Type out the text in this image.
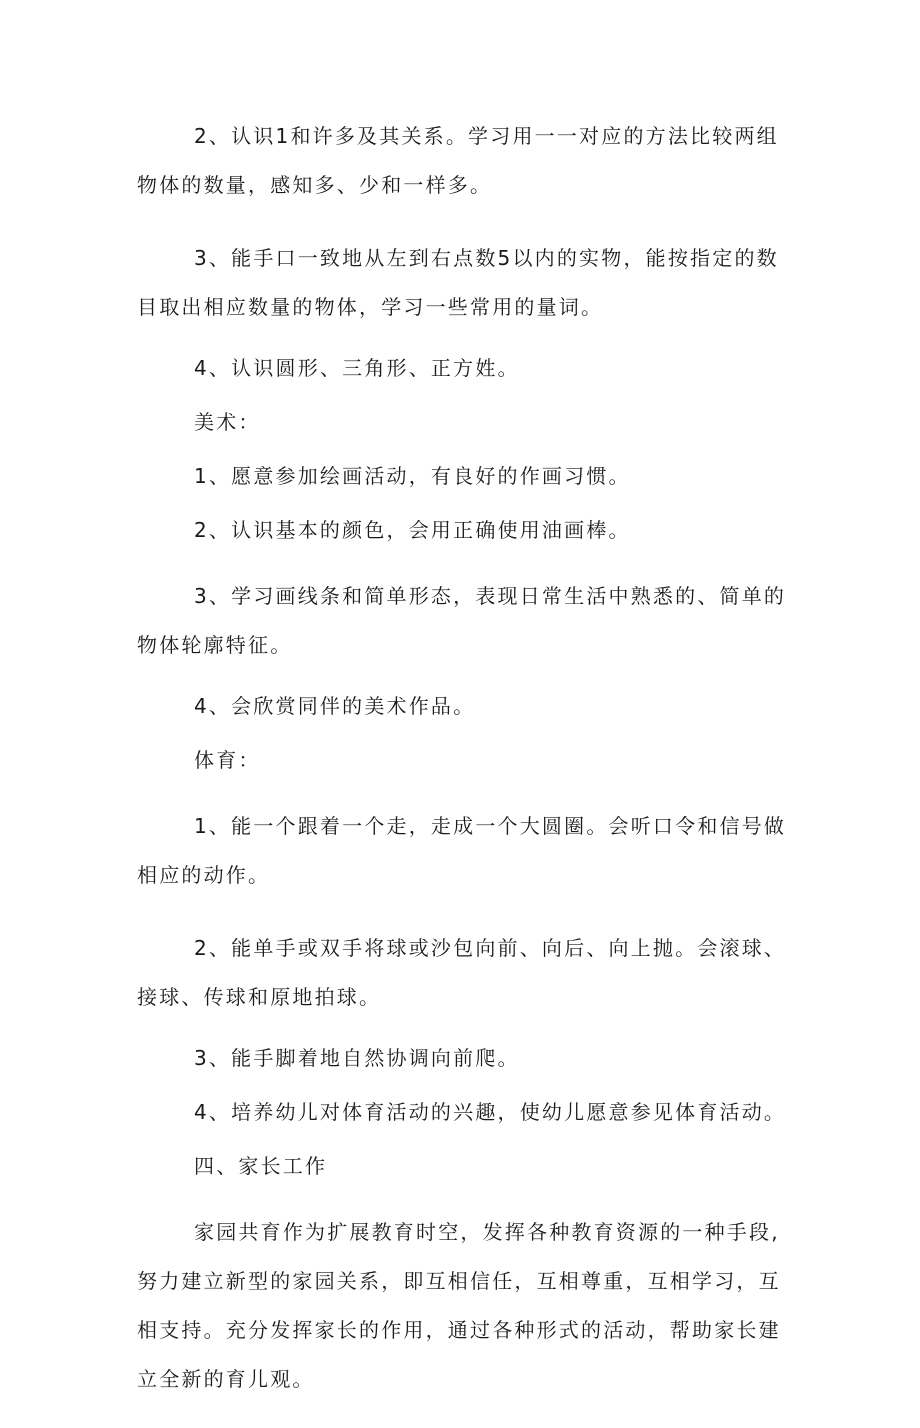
2、认识1和许多及其关系。学习用一一对应的方法比较两组物体的数量，感知多、少和一样多。

3、能手口一致地从左到右点数5以内的实物，能按指定的数目取出相应数量的物体，学习一些常用的量词。

4、认识圆形、三角形、正方姓。

美术：

1、愿意参加绘画活动，有良好的作画习惯。

2、认识基本的颜色，会用正确使用油画棒。

3、学习画线条和简单形态，表现日常生活中熟悉的、简单的物体轮廓特征。

4、会欣赏同伴的美术作品。

体育：

1、能一个跟着一个走，走成一个大圆圈。会听口令和信号做相应的动作。

2、能单手或双手将球或沙包向前、向后、向上抛。会滚球、接球、传球和原地拍球。

3、能手脚着地自然协调向前爬。

4、培养幼儿对体育活动的兴趣，使幼儿愿意参见体育活动。

四、家长工作

家园共育作为扩展教育时空，发挥各种教育资源的一种手段,努力建立新型的家园关系，即互相信任，互相尊重，互相学习，互相支持。充分发挥家长的作用，通过各种形式的活动，帮助家长建立全新的育儿观。
